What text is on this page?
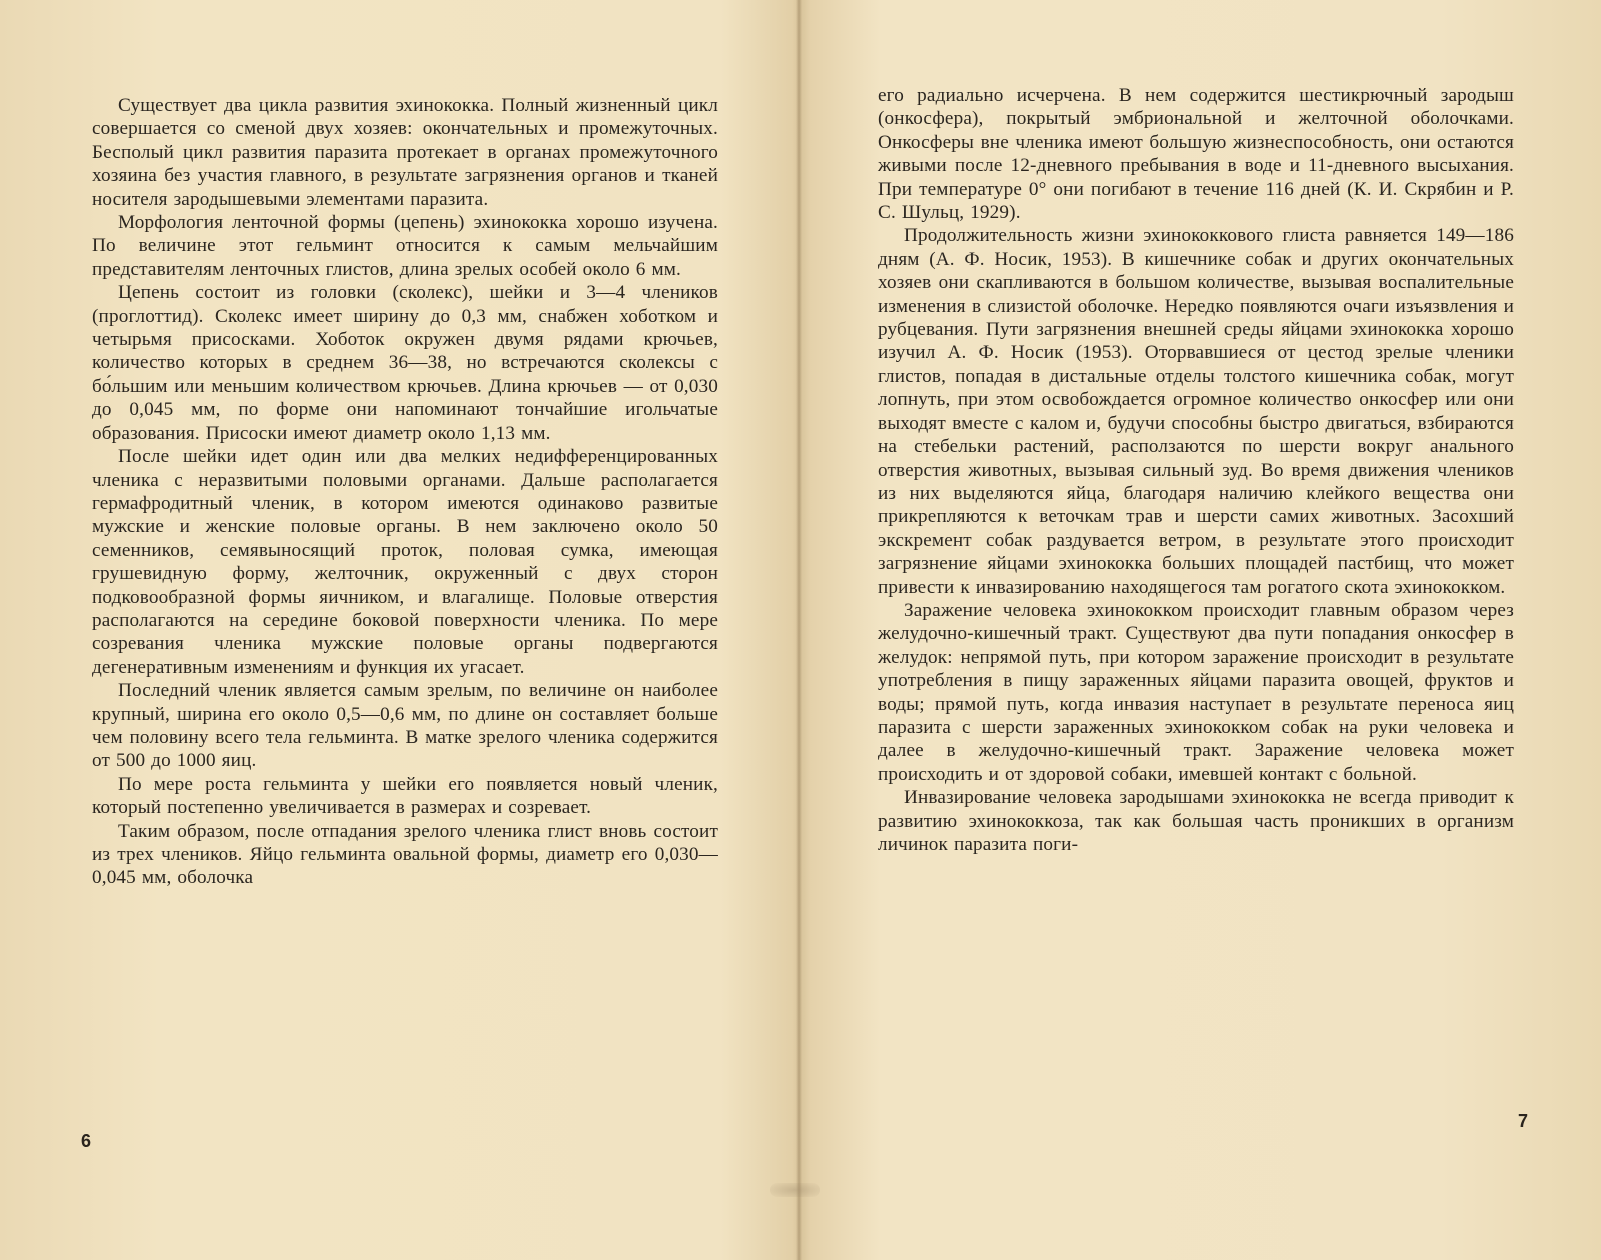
Существует два цикла развития эхинококка. Полный жизненный цикл совершается со сменой двух хозяев: окончательных и промежуточных. Бесполый цикл развития паразита протекает в органах промежуточного хозяина без участия главного, в результате загрязнения органов и тканей носителя зародышевыми элементами паразита.

Морфология ленточной формы (цепень) эхинококка хорошо изучена. По величине этот гельминт относится к самым мельчайшим представителям ленточных глистов, длина зрелых особей около 6 мм.

Цепень состоит из головки (сколекс), шейки и 3—4 члеников (проглоттид). Сколекс имеет ширину до 0,3 мм, снабжен хоботком и четырьмя присосками. Хоботок окружен двумя рядами крючьев, количество которых в среднем 36—38, но встречаются сколексы с бо́льшим или меньшим количеством крючьев. Длина крючьев — от 0,030 до 0,045 мм, по форме они напоминают тончайшие игольчатые образования. Присоски имеют диаметр около 1,13 мм.

После шейки идет один или два мелких недифференцированных членика с неразвитыми половыми органами. Дальше располагается гермафродитный членик, в котором имеются одинаково развитые мужские и женские половые органы. В нем заключено около 50 семенников, семявыносящий проток, половая сумка, имеющая грушевидную форму, желточник, окруженный с двух сторон подковообразной формы яичником, и влагалище. Половые отверстия располагаются на середине боковой поверхности членика. По мере созревания членика мужские половые органы подвергаются дегенеративным изменениям и функция их угасает.

Последний членик является самым зрелым, по величине он наиболее крупный, ширина его около 0,5—0,6 мм, по длине он составляет больше чем половину всего тела гельминта. В матке зрелого членика содержится от 500 до 1000 яиц.

По мере роста гельминта у шейки его появляется новый членик, который постепенно увеличивается в размерах и созревает.

Таким образом, после отпадания зрелого членика глист вновь состоит из трех члеников. Яйцо гельминта овальной формы, диаметр его 0,030—0,045 мм, оболочка

6

его радиально исчерчена. В нем содержится шестикрючный зародыш (онкосфера), покрытый эмбриональной и желточной оболочками. Онкосферы вне членика имеют большую жизнеспособность, они остаются живыми после 12-дневного пребывания в воде и 11-дневного высыхания. При температуре 0° они погибают в течение 116 дней (К. И. Скрябин и Р. С. Шульц, 1929).

Продолжительность жизни эхинококкового глиста равняется 149—186 дням (А. Ф. Носик, 1953). В кишечнике собак и других окончательных хозяев они скапливаются в большом количестве, вызывая воспалительные изменения в слизистой оболочке. Нередко появляются очаги изъязвления и рубцевания. Пути загрязнения внешней среды яйцами эхинококка хорошо изучил А. Ф. Носик (1953). Оторвавшиеся от цестод зрелые членики глистов, попадая в дистальные отделы толстого кишечника собак, могут лопнуть, при этом освобождается огромное количество онкосфер или они выходят вместе с калом и, будучи способны быстро двигаться, взбираются на стебельки растений, расползаются по шерсти вокруг анального отверстия животных, вызывая сильный зуд. Во время движения члеников из них выделяются яйца, благодаря наличию клейкого вещества они прикрепляются к веточкам трав и шерсти самих животных. Засохший экскремент собак раздувается ветром, в результате этого происходит загрязнение яйцами эхинококка больших площадей пастбищ, что может привести к инвазированию находящегося там рогатого скота эхинококком.

Заражение человека эхинококком происходит главным образом через желудочно-кишечный тракт. Существуют два пути попадания онкосфер в желудок: непрямой путь, при котором заражение происходит в результате употребления в пищу зараженных яйцами паразита овощей, фруктов и воды; прямой путь, когда инвазия наступает в результате переноса яиц паразита с шерсти зараженных эхинококком собак на руки человека и далее в желудочно-кишечный тракт. Заражение человека может происходить и от здоровой собаки, имевшей контакт с больной.

Инвазирование человека зародышами эхинококка не всегда приводит к развитию эхинококкоза, так как большая часть проникших в организм личинок паразита поги-

7
